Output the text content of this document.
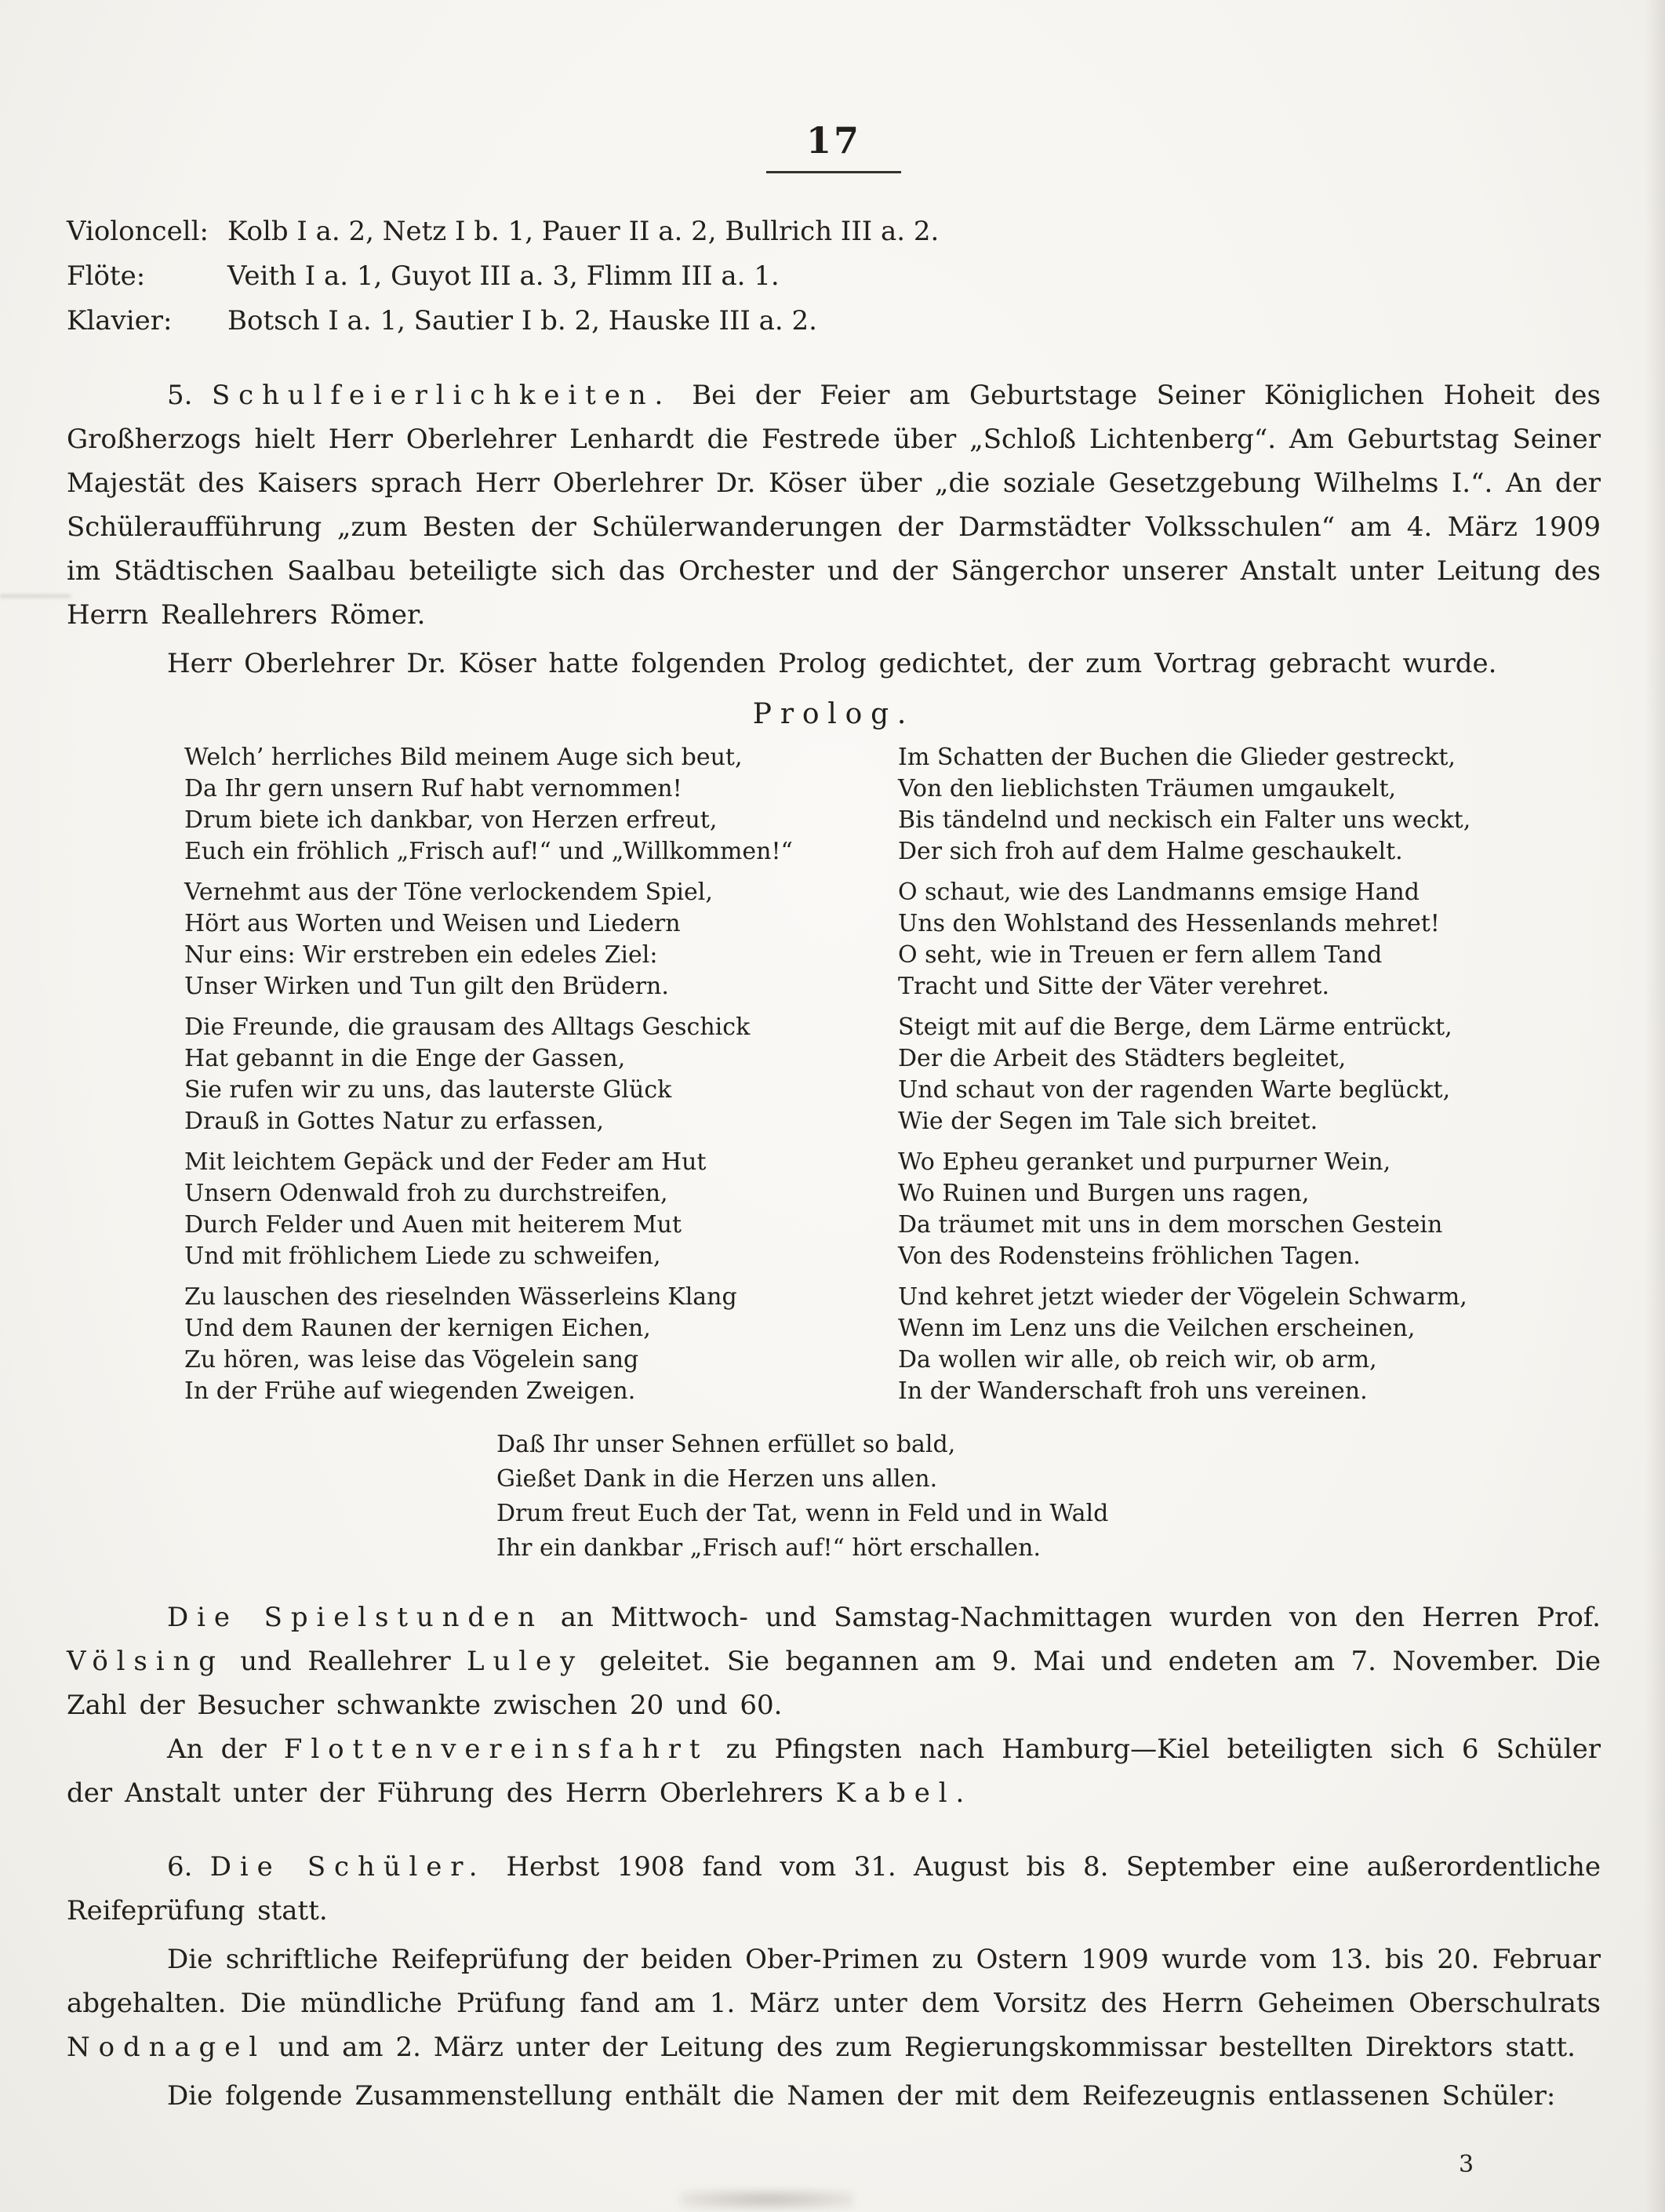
17
Violoncell: Kolb I a. 2, Netz I b. 1, Pauer II a. 2, Bullrich III a. 2.
Flöte:	Veith I a. 1, Guyot III a. 3, Flimm III a. 1.
Klavier: Botsch I a. 1, Sautier I b. 2, Hauske III a. 2.

5. Schulfeierlichkeiten. Bei der Feier am Geburtstage Seiner Königlichen Hoheit des Großherzogs hielt Herr Oberlehrer Lenhardt die Festrede über „Schloß Lichtenberg“. Am Geburtstag Seiner Majestät des Kaisers sprach Herr Oberlehrer Dr. Köser über „die soziale Gesetzgebung Wilhelms I.“. An der Schüleraufführung „zum Besten der Schülerwanderungen der Darmstädter Volksschulen“ am 4. März 1909 im Städtischen Saalbau beteiligte sich das Orchester und der Sängerchor unserer Anstalt unter Leitung des Herrn Reallehrers Römer.

Herr Oberlehrer Dr. Köser hatte folgenden Prolog gedichtet, der zum Vortrag gebracht wurde.

Prolog.

Welch’ herrliches Bild meinem Auge sich beut,

Da Ihr gern unsern Ruf habt vernommen!

Drum biete ich dankbar, von Herzen erfreut,

Euch ein fröhlich „Frisch auf!“ und „Willkommen!“

Vernehmt aus der Töne verlockendem Spiel,

Hört aus Worten und Weisen und Liedern

Nur eins: Wir erstreben ein edeles Ziel:

Unser Wirken und Tun gilt den Brüdern.

Die Freunde, die grausam des Alltags Geschick

Hat gebannt in die Enge der Gassen,

Sie rufen wir zu uns, das lauterste Glück

Drauß in Gottes Natur zu erfassen,

Mit leichtem Gepäck und der Feder am Hut

Unsern Odenwald froh zu durchstreifen,

Durch Felder und Auen mit heiterem Mut

Und mit fröhlichem Liede zu schweifen,

Zu lauschen des rieselnden Wässerleins Klang

Und dem Raunen der kernigen Eichen,

Zu hören, was leise das Vögelein sang

In der Frühe auf wiegenden Zweigen.

Im Schatten der Buchen die Glieder gestreckt,

Von den lieblichsten Träumen umgaukelt,

Bis tändelnd und neckisch ein Falter uns weckt,

Der sich froh auf dem Halme geschaukelt.

O schaut, wie des Landmanns emsige Hand

Uns den Wohlstand des Hessenlands mehret!

O seht, wie in Treuen er fern allem Tand

Tracht und Sitte der Väter verehret.

Steigt mit auf die Berge, dem Lärme entrückt,

Der die Arbeit des Städters begleitet,

Und schaut von der ragenden Warte beglückt,

Wie der Segen im Tale sich breitet.

Wo Epheu geranket und purpurner Wein,

Wo Ruinen und Burgen uns ragen,

Da träumet mit uns in dem morschen Gestein

Von des Rodensteins fröhlichen Tagen.

Und kehret jetzt wieder der Vögelein Schwarm,

Wenn im Lenz uns die Veilchen erscheinen,

Da wollen wir alle, ob reich wir, ob arm,

In der Wanderschaft froh uns vereinen.

Daß Ihr unser Sehnen erfüllet so bald,

Gießet Dank in die Herzen uns allen.

Drum freut Euch der Tat, wenn in Feld und in Wald

Ihr ein dankbar „Frisch auf!“ hört erschallen.

Die Spielstunden an Mittwoch- und Samstag-Nachmittagen wurden von den Herren Prof. Völsing und Reallehrer Luley geleitet. Sie begannen am 9. Mai und endeten am 7. November. Die Zahl der Besucher schwankte zwischen 20 und 60.

An der Flottenvereinsfahrt zu Pfingsten nach Hamburg—Kiel beteiligten sich 6 Schüler der Anstalt unter der Führung des Herrn Oberlehrers Kabel.

6. Die Schüler. Herbst 1908 fand vom 31. August bis 8. September eine außerordentliche Reifeprüfung statt.

Die schriftliche Reifeprüfung der beiden Ober-Primen zu Ostern 1909 wurde vom 13. bis 20. Februar abgehalten. Die mündliche Prüfung fand am 1. März unter dem Vorsitz des Herrn Geheimen Oberschulrats Nodnagel und am 2. März unter der Leitung des zum Regierungskommissar bestellten Direktors statt.

Die folgende Zusammenstellung enthält die Namen der mit dem Reifezeugnis entlassenen Schüler:

3
